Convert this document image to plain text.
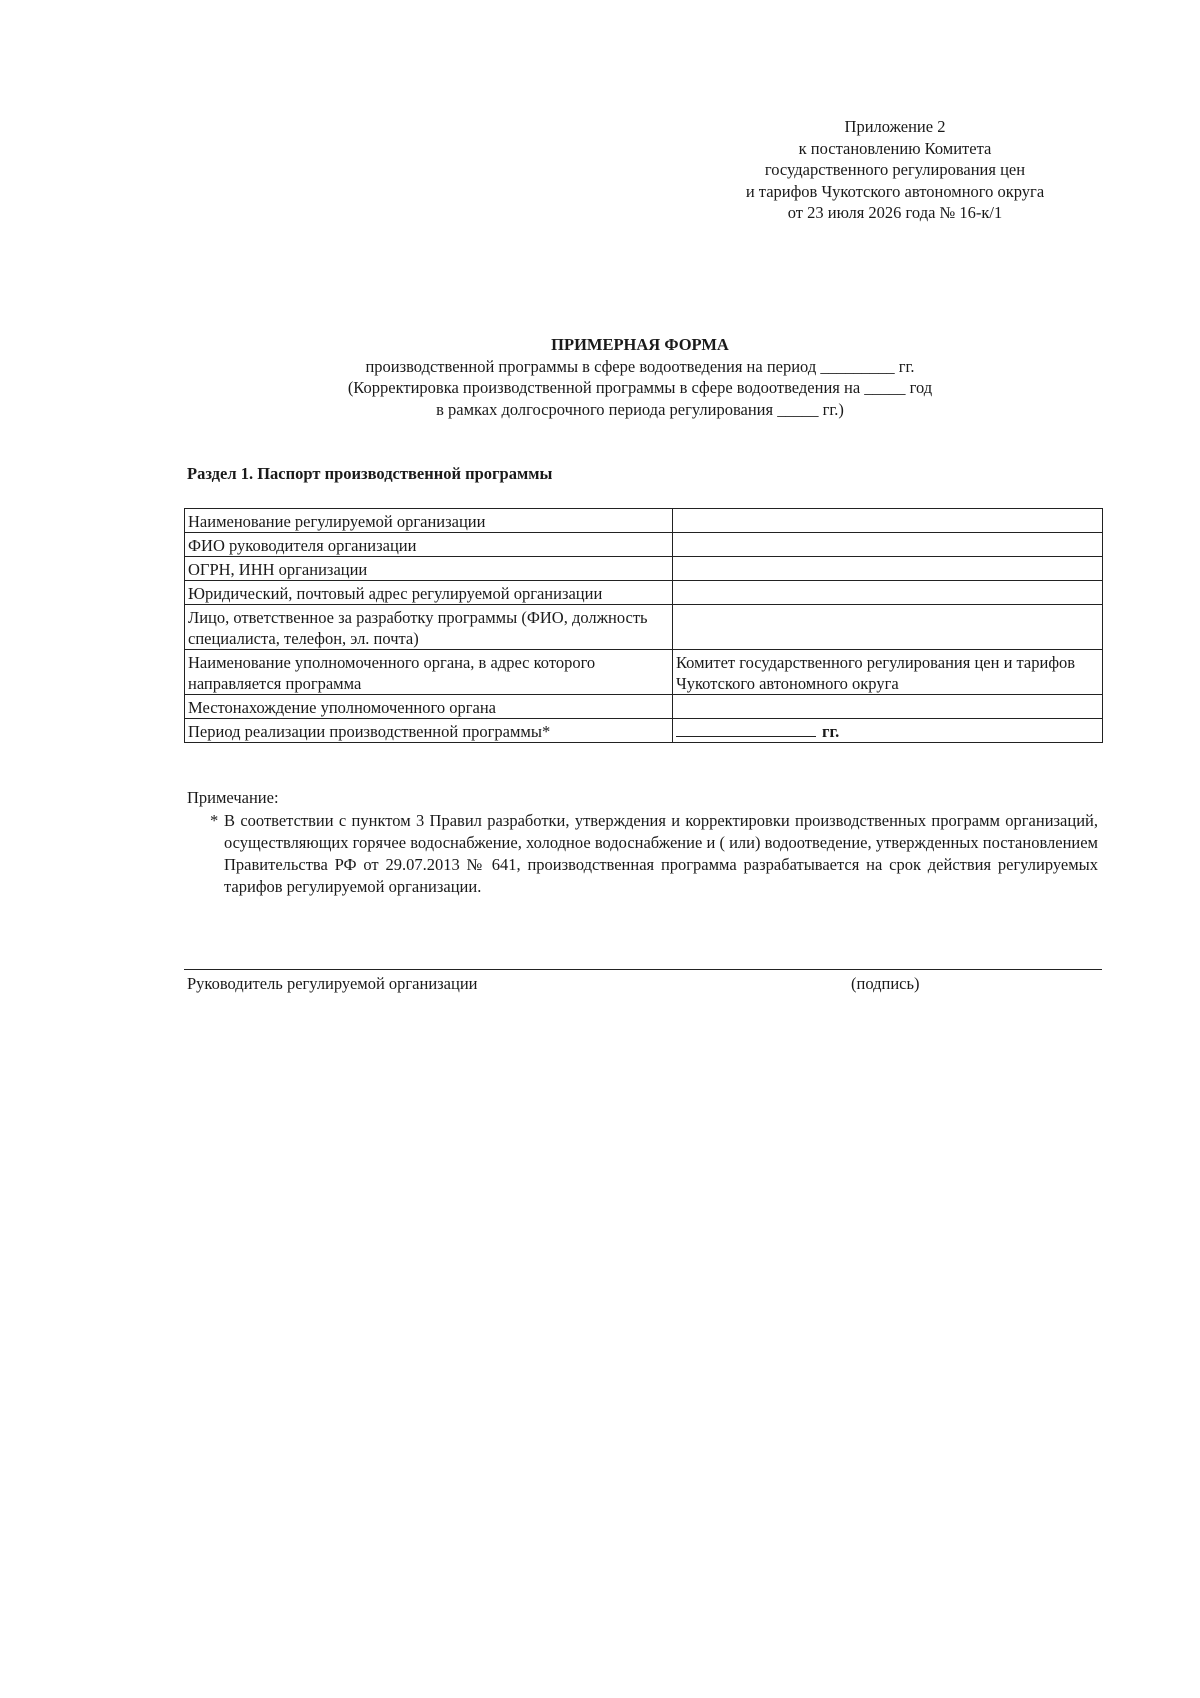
Приложение 2
к постановлению Комитета
государственного регулирования цен
и тарифов Чукотского автономного округа
от 23 июля 2026 года № 16-к/1
ПРИМЕРНАЯ ФОРМА
производственной программы в сфере водоотведения на период _________ гг.
(Корректировка производственной программы в сфере водоотведения на _____ год
в рамках долгосрочного периода регулирования _____ гг.)
Раздел 1. Паспорт производственной программы
Наименование регулируемой организации	
ФИО руководителя организации	
ОГРН, ИНН организации	
Юридический, почтовый адрес регулируемой организации	
Лицо, ответственное за разработку программы (ФИО, должность специалиста, телефон, эл. почта)	
Наименование уполномоченного органа, в адрес которого направляется программа	Комитет государственного регулирования цен и тарифов Чукотского автономного округа
Местонахождение уполномоченного органа	
Период реализации производственной программы*	гг.
Примечание:
* В соответствии с пунктом 3 Правил разработки, утверждения и корректировки производственных программ организаций, осуществляющих горячее водоснабжение, холодное водоснабжение и ( или) водоотведение, утвержденных постановлением Правительства РФ от 29.07.2013 № 641, производственная программа разрабатывается на срок действия регулируемых тарифов регулируемой организации.
Руководитель регулируемой организации	(подпись)
